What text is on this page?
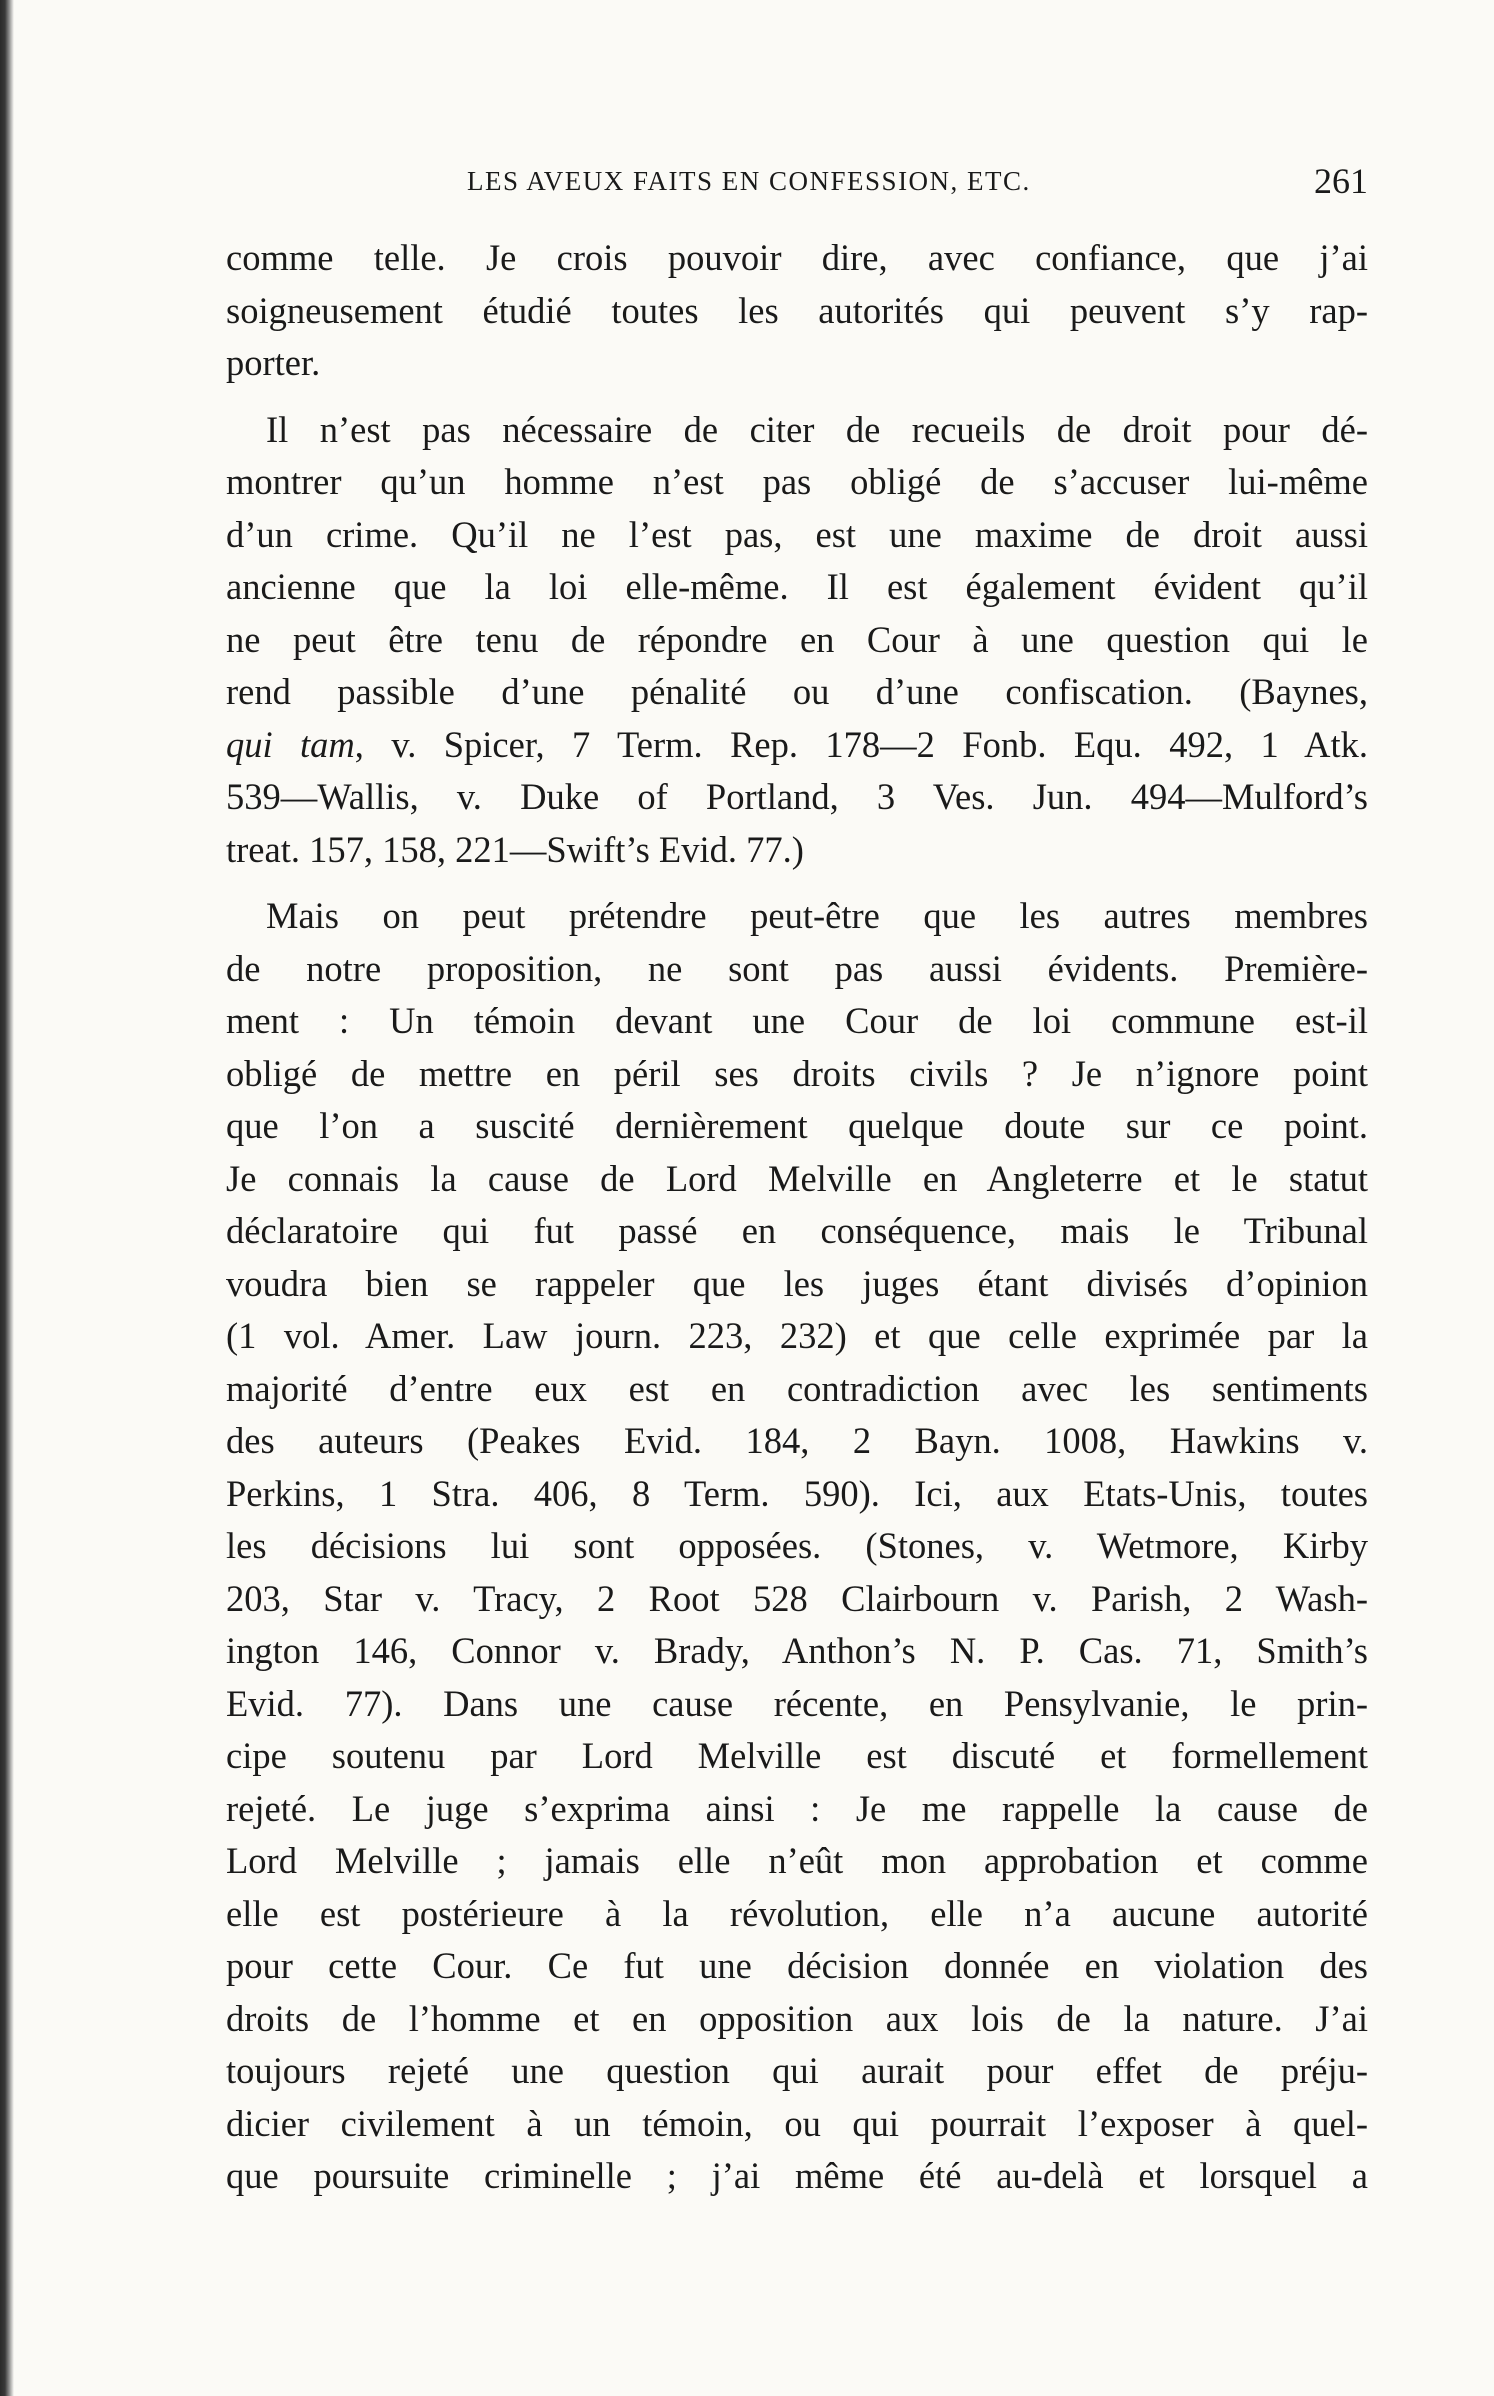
LES AVEUX FAITS EN CONFESSION, ETC.	261
comme telle. Je crois pouvoir dire, avec confiance, que j’ai
soigneusement étudié toutes les autorités qui peuvent s’y rap-
porter.
Il n’est pas nécessaire de citer de recueils de droit pour dé-
montrer qu’un homme n’est pas obligé de s’accuser lui-même
d’un crime. Qu’il ne l’est pas, est une maxime de droit aussi
ancienne que la loi elle-même. Il est également évident qu’il
ne peut être tenu de répondre en Cour à une question qui le
rend passible d’une pénalité ou d’une confiscation. (Baynes,
qui tam, v. Spicer, 7 Term. Rep. 178—2 Fonb. Equ. 492, 1 Atk.
539—Wallis, v. Duke of Portland, 3 Ves. Jun. 494—Mulford’s
treat. 157, 158, 221—Swift’s Evid. 77.)
Mais on peut prétendre peut-être que les autres membres
de notre proposition, ne sont pas aussi évidents. Première-
ment : Un témoin devant une Cour de loi commune est-il
obligé de mettre en péril ses droits civils ? Je n’ignore point
que l’on a suscité dernièrement quelque doute sur ce point.
Je connais la cause de Lord Melville en Angleterre et le statut
déclaratoire qui fut passé en conséquence, mais le Tribunal
voudra bien se rappeler que les juges étant divisés d’opinion
(1 vol. Amer. Law journ. 223, 232) et que celle exprimée par la
majorité d’entre eux est en contradiction avec les sentiments
des auteurs (Peakes Evid. 184, 2 Bayn. 1008, Hawkins v.
Perkins, 1 Stra. 406, 8 Term. 590). Ici, aux Etats-Unis, toutes
les décisions lui sont opposées. (Stones, v. Wetmore, Kirby
203, Star v. Tracy, 2 Root 528 Clairbourn v. Parish, 2 Wash-
ington 146, Connor v. Brady, Anthon’s N. P. Cas. 71, Smith’s
Evid. 77). Dans une cause récente, en Pensylvanie, le prin-
cipe soutenu par Lord Melville est discuté et formellement
rejeté. Le juge s’exprima ainsi : Je me rappelle la cause de
Lord Melville ; jamais elle n’eût mon approbation et comme
elle est postérieure à la révolution, elle n’a aucune autorité
pour cette Cour. Ce fut une décision donnée en violation des
droits de l’homme et en opposition aux lois de la nature. J’ai
toujours rejeté une question qui aurait pour effet de préju-
dicier civilement à un témoin, ou qui pourrait l’exposer à quel-
que poursuite criminelle ; j’ai même été au-delà et lorsquel a
